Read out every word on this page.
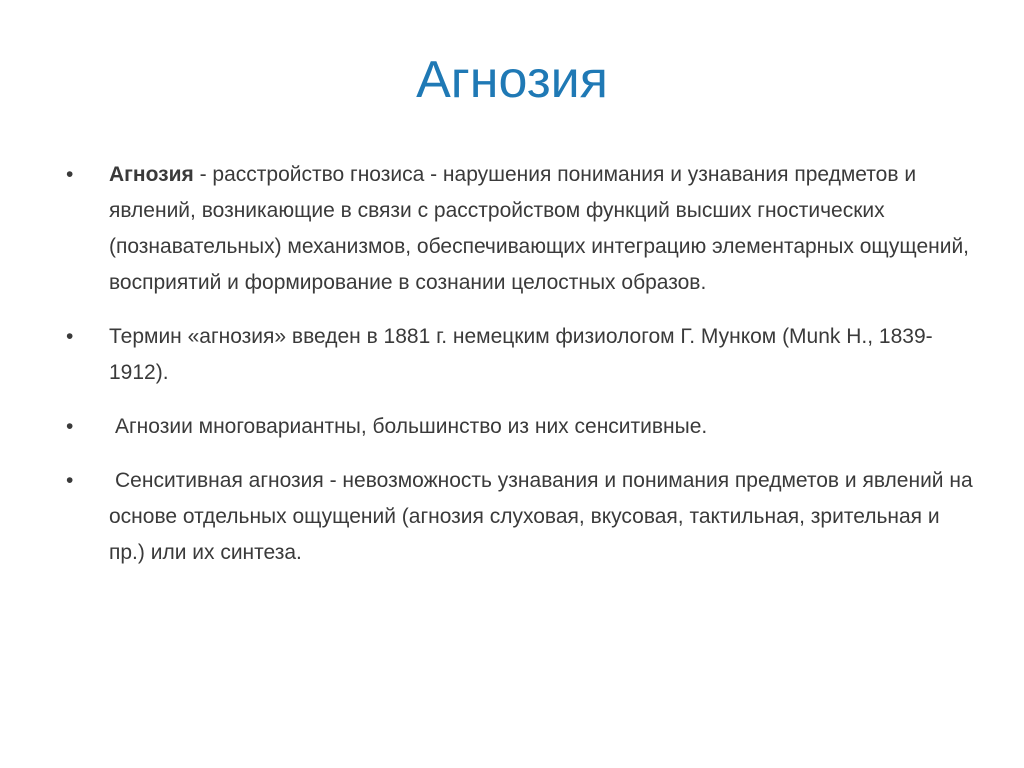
Агнозия
•	Агнозия - расстройство гнозиса - нарушения понимания и узнавания предметов и явлений, возникающие в связи с расстройством функций высших гностических (познавательных) механизмов, обеспечивающих интеграцию элементарных ощущений, восприятий и формирование в сознании целостных образов.
•	Термин «агнозия» введен в 1881 г. немецким физиологом Г. Мунком (Munk H., 1839-1912).
•	Агнозии многовариантны, большинство из них сенситивные.
•	Сенситивная агнозия - невозможность узнавания и понимания предметов и явлений на основе отдельных ощущений (агнозия слуховая, вкусовая, тактильная, зрительная и пр.) или их синтеза.
